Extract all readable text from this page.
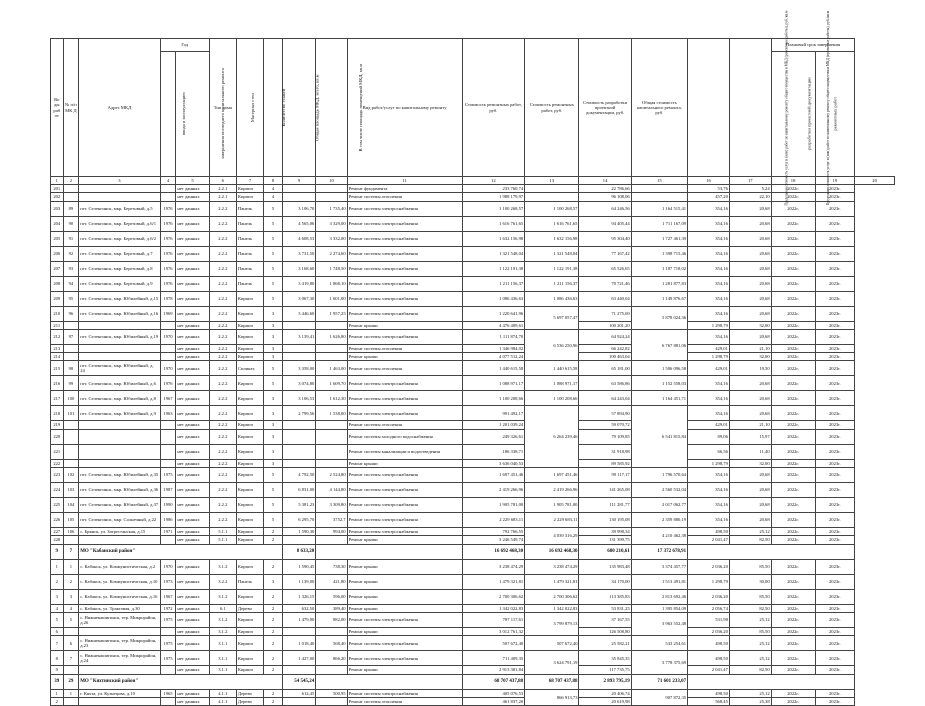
Во ды раб от	№ п/п МК Д	Адрес МКД	Год		Тип дома	Материал стен	Количество этажей	Общая площадь МКД, всего, кв.м	В том числе площадь помещений МКД, кв.м	Вид работ/услуг по капитальному ремонту	Стоимость ремонтных работ, руб.	Стоимость ремонтных работ, руб.	Стоимость разработки проектной документации, руб.	Общая стоимость капитального ремонта, руб.	Предельная стоимость услуг и (или) работ по капитальному ремонту общего имущества в МКД (ремонтные работы), руб./кв.м	Предельная стоимость услуг и (или) работ по капитальному ремонту общего имущества в МКД (проектные работы), руб./кв.м	Плановый срок завершения		
			ввода в эксплуатацию	завершения последнего капитального ремонта													разработки проектной документации	ремонтных работ	
1	2	3	4	5	6	7	8	9	10	11	12	13	14	15	16	17	18	19	20
201				нет данных	2.2.1	Кирпич	4			Ремонт фундамента	233 760,74		22 786,66		53,76	5,24	2022г.	2023г.	
202				нет данных	2.2.1	Кирпич	4			Ремонт системы отопления	1 988 179,97		96 108,06		457,20	22,10	2022г.	2023г.	
203	89	пгт. Селенгинск, мкр. Березовый, д.5	1976	нет данных	2.2.2	Панель	5	3 106,70	1 735,40	Ремонт системы электроснабжения	1 100 268,57	1 100 268,57	64 246,56	1 164 515,41	354,16	20,68	2022г.	2023г.	
204	90	пгт. Селенгинск, мкр. Березовый, д.6/1	1976	нет данных	2.2.2	Панель	5	4 565,06	3 329,00	Ремонт системы электроснабжения	1 616 761,65	1 616 761,65	94 405,44	1 711 167,09	354,16	20,68	2022г.	2023г.	
205	91	пгт. Селенгинск, мкр. Березовый, д.6/2	1976	нет данных	2.2.2	Панель	5	4 608,53	3 332,00	Ремонт системы электроснабжения	1 632 156,98	1 632 156,98	95 304,40	1 727 461,39	354,16	20,68	2022г.	2023г.	
206	92	пгт. Селенгинск, мкр. Березовый, д.7	1976	нет данных	2.2.2	Панель	5	3 731,50	2 274,60	Ремонт системы электроснабжения	1 321 548,04	1 321 548,04	77 167,42	1 398 715,46	354,16	20,68	2022г.	2023г.	
207	93	пгт. Селенгинск, мкр. Березовый, д.8	1976	нет данных	2.2.2	Панель	5	3 168,60	1 748,50	Ремонт системы электроснабжения	1 122 191,38	1 122 191,38	65 526,65	1 187 718,02	354,16	20,68	2022г.	2023г.	
208	94	пгт. Селенгинск, мкр. Березовый, д.9	1976	нет данных	2.2.2	Панель	5	3 419,80	1 868,10	Ремонт системы электроснабжения	1 211 156,37	1 211 156,37	70 721,46	1 281 877,83	354,16	20,68	2022г.	2023г.	
209	95	пгт. Селенгинск, мкр. Юбилейный, д.15	1978	нет данных	2.2.2	Кирпич	5	3 067,30	1 601,00	Ремонт системы электроснабжения	1 086 436,63	1 086 436,63	63 440,04	1 149 876,67	354,16	20,68	2022г.	2023г.	
210	96	пгт. Селенгинск, мкр. Юбилейный, д.16	1969	нет данных	2.2.2	Кирпич	3	3 446,60	1 957,25	Ремонт системы электроснабжения	1 220 641,96	5 697 057,47	71 275,69	5 878 024,36	354,16	20,68	2022г.	2023г.	
211				нет данных	2.2.2	Кирпич	3			Ремонт крыши	4 476 409,61		100 201,20		1 298,79	32,00	2022г.	2023г.	
212	97	пгт. Селенгинск, мкр. Юбилейный, д.19	1970	нет данных	2.2.2	Кирпич	3	3 139,41	1 626,80	Ремонт системы электроснабжения	1 111 874,70	6 536 250,96	64 924,24	6 767 881,06	354,16	20,68	2022г.	2023г.	
213				нет данных	2.2.2	Кирпич	3			Ремонт системы отопления	1 346 984,02		66 242,82		429,01	21,10	2022г.	2023г.	
214				нет данных	2.2.2	Кирпич	3			Ремонт крыши	4 077 512,24		100 463,04		1 298,79	32,00	2022г.	2023г.	
215	98	пгт. Селенгинск, мкр. Юбилейный, д. 24	1970	нет данных	2.2.2	Силикат.	5	3 358,00	1 463,00	Ремонт системы отопления	1 440 615,58	1 440 615,58	65 181,00	1 506 096,58	429,01	19,50	2022г.	2023г.	
216	99	пгт. Селенгинск, мкр. Юбилейный, д.6	1976	нет данных	2.2.2	Кирпич	5	3 074,80	1 609,70	Ремонт системы электроснабжения	1 088 971,17	1 088 971,17	63 586,86	1 152 558,03	354,16	20,68	2022г.	2023г.	
217	100	пгт. Селенгинск, мкр. Юбилейный, д.8	1967	нет данных	2.2.2	Кирпич	3	3 106,53	1 612,30	Ремонт системы электроснабжения	1 100 208,66	1 100 208,66	64 243,04	1 164 451,71	354,16	20,68	2022г.	2023г.	
218	101	пгт. Селенгинск, мкр. Юбилейный, д.9	1963	нет данных	2.2.2	Кирпич	3	2 799,56	1 538,00	Ремонт системы электроснабжения	991 492,17	6 264 239,46	57 894,90	6 541 815,84	354,16	20,68	2022г.	2023г.	
219				нет данных	2.2.2	Кирпич	3			Ремонт системы отопления	1 201 039,24		59 070,72		429,01	21,10	2022г.	2023г.	
220				нет данных	2.2.2	Кирпич	3			Ремонт системы холодного водоснабжения	249 326,61		79 109,85		89,06	15,97	2022г.	2023г.	
221				нет данных	2.2.2	Кирпич	3			Ремонт системы канализации и водоотведения	186 338,71		31 918,98		66,56	11,40	2022г.	2023г.	
222				нет данных	2.2.2	Кирпич	3			Ремонт крыши	3 636 040,53		89 585,92		1 298,79	32,00	2022г.	2023г.	
223	102	пгт. Селенгинск, мкр. Юбилейный, д.35	1975	нет данных	2.2.2	Кирпич	5	4 792,50	2 524,80	Ремонт системы электроснабжения	1 697 451,46	1 697 451,46	99 117,17	1 796 570,64	354,16	20,68	2022г.	2023г.	
224	103	пгт. Селенгинск, мкр. Юбилейный, д.36	1987	нет данных	2.2.2	Кирпич	5	6 831,00	4 144,80	Ремонт системы электроснабжения	2 419 266,96	2 419 266,96	141 265,08	2 560 532,04	354,16	20,68	2022г.	2023г.	
225	104	пгт. Селенгинск, мкр. Юбилейный, д.37	1990	нет данных	2.2.2	Кирпич	5	5 381,23	3 309,80	Ремонт системы электроснабжения	1 905 781,00	1 905 781,00	111 281,77	2 017 062,77	354,16	20,68	2022г.	2023г.	
226	105	пгт. Селенгинск, мкр. Солнечный, д.22	1986	нет данных	2.2.2	Кирпич	5	6 295,70	3752,7	Ремонт системы электроснабжения	2 229 683,11	2 229 683,11	130 195,08	2 359 880,19	354,16	20,68	2022г.	2023г.	
227	106	с. Брянск, ул. Затрестанская, д.15	1971	нет данных	5.1.1	Кирпич	2	1 590,30	994,00	Ремонт системы электроснабжения	792 766,55	4 039 316,29	39 998,34	4 210 462,38	498,50	25,12	2022г.	2023г.	
228				нет данных	5.1.1	Кирпич	2			Ремонт крыши	3 246 549,74		131 399,75		2 041,47	82,50	2022г.	2023г.	
9	7	МО "Кабанский район"						8 633,20			16 692 468,30	16 692 468,30	680 210,61	17 372 678,91					
1	1	с. Кабанск, ул. Коммунистическая, д.2	1970	нет данных	3.1.2	Кирпич	2	1 590,45	738,30	Ремонт крыши	3 238 474,29	3 238 474,29	135 983,48	3 374 457,77	2 036,20	85,50	2022г.	2023г.	
2	2	с. Кабанск, ул. Коммунистическая, д.10	1973	нет данных	3.2.2	Панель	3	1 139,00	421,80	Ремонт крыши	1 479 321,81	1 479 321,81	34 170,00	1 513 491,81	1 298,79	30,00	2022г.	2023г.	
3	3	с. Кабанск, ул. Коммунистическая, д.16	1967	нет данных	3.1.2	Кирпич	2	1 326,15	596,00	Ремонт крыши	2 700 306,62	2 700 306,62	113 385,83	2 813 692,46	2 036,20	85,50	2022г.	2023г.	
4	4	с. Кабанск, ул. Трактовая, д.30	1972	нет данных	6.1	Дерево	2	632,50	389,40	Ремонт крыши	1 342 022,83	1 342 022,83	53 831,25	1 395 854,09	2 056,74	82,50	2022г.	2023г.	
5	5	с. Нижнекашигинск, тер. Микрорайон, д.26	1975	нет данных	3.1.2	Кирпич	2	1 479,00	882,00	Ремонт системы электроснабжения	787 117,61	3 799 879,13	37 167,55	3 963 552,48	531,98	25,12	2022г.	2023г.	
6				нет данных	3.1.2	Кирпич	2			Ремонт крыши	3 012 761,32		126 508,80		2 036,20	85,50	2022г.	2023г.	
7	6	с. Нижнекашигинск, тер. Микрорайон, д.23	1975	нет данных	3.1.1	Кирпич	2	1 018,40	568,40	Ремонт системы электроснабжения	507 672,40	507 672,40	25 582,21	533 254,61	498,50	25,12	2022г.	2023г.	
8	7	с. Нижнекашигинск, тер. Микрорайон, д.24	1975	нет данных	3.1.1	Кирпич	2	1 427,00	866,20	Ремонт системы электроснабжения	711 409,35	3 624 791,19	35 845,35	3 778 375,69	498,50	25,12	2022г.	2023г.	
9				нет данных	3.1.1	Кирпич	2			Ремонт крыши	2 913 381,84		117 735,75		2 041,47	82,50	2022г.	2023г.	
39	29	МО "Кяхтинский район"						54 545,24			68 707 437,88	68 707 437,88	2 893 795,19	71 601 233,07					
1	1	г. Кяхта, ул. Кузнецова, д.10	1965	нет данных	4.1.1	Дерево	2	612,45	500,95	Ремонт системы электроснабжения	405 076,53	866 913,73	20 406,74	907 872,35	498,50	25,12	2022г.	2023г.	
2				нет данных	4.1.1	Дерево	2			Ремонт системы отопления	461 837,20		20 619,98		568,45	25,38	2022г.	2023г.	
